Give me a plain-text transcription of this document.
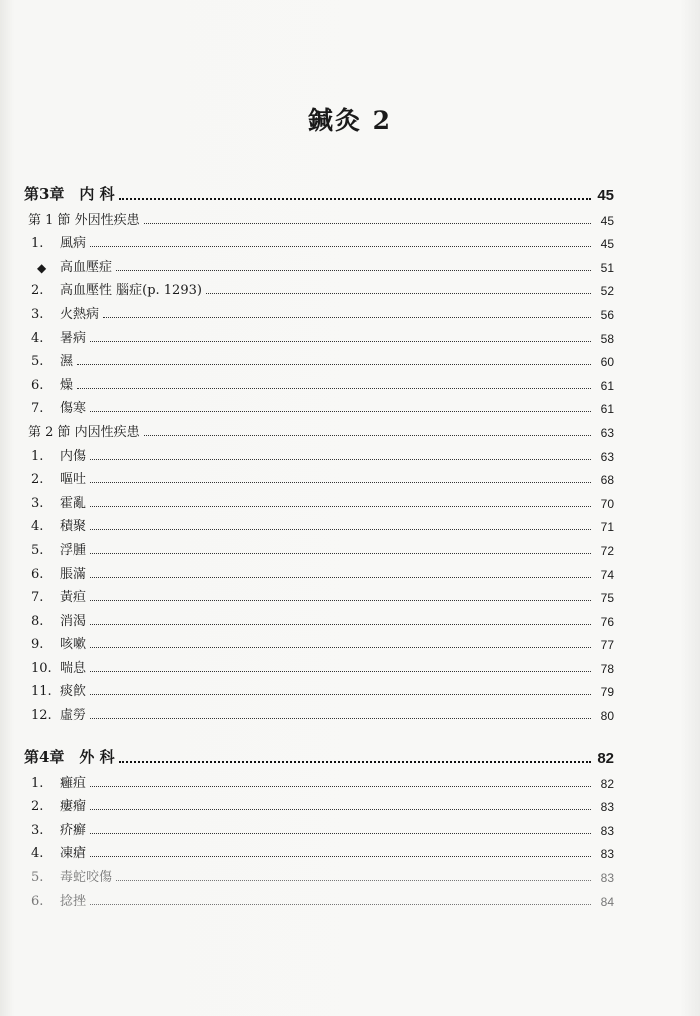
鍼灸 2
第3章　内 科	45
第 1 節 外因性疾患	45
1.	風病	45
◆	高血壓症	51
2.	高血壓性 腦症(p. 1293)	52
3.	火熱病	56
4.	暑病	58
5.	濕	60
6.	燥	61
7.	傷寒	61
第 2 節 内因性疾患	63
1.	内傷	63
2.	嘔吐	68
3.	霍亂	70
4.	積聚	71
5.	浮腫	72
6.	脹滿	74
7.	黃疸	75
8.	消渴	76
9.	咳嗽	77
10. 喘息	78
11. 痰飮	79
12. 虛勞	80
第4章　外 科	82
1.	癰疽	82
2.	瘻瘤	83
3.	疥癬	83
4.	凍瘡	83
5.	毒蛇咬傷	83
6.	捻挫	84
